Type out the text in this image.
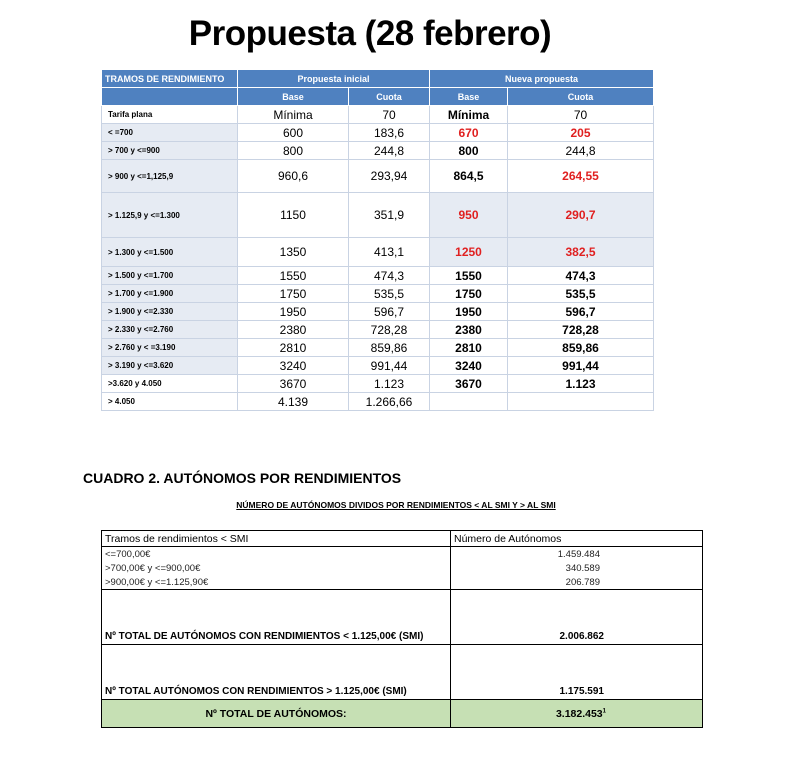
Propuesta (28 febrero)
TRAMOS DE RENDIMIENTO	Propuesta inicial		Nueva propuesta	
	Base	Cuota	Base	Cuota
Tarifa plana	Mínima	70	Mínima	70
< =700	600	183,6	670	205
> 700 y <=900	800	244,8	800	244,8
> 900 y <=1,125,9	960,6	293,94	864,5	264,55
> 1.125,9 y <=1.300	1150	351,9	950	290,7
> 1.300 y <=1.500	1350	413,1	1250	382,5
> 1.500 y <=1.700	1550	474,3	1550	474,3
> 1.700 y <=1.900	1750	535,5	1750	535,5
> 1.900 y <=2.330	1950	596,7	1950	596,7
> 2.330 y <=2.760	2380	728,28	2380	728,28
> 2.760 y < =3.190	2810	859,86	2810	859,86
> 3.190 y <=3.620	3240	991,44	3240	991,44
>3.620 y 4.050	3670	1.123	3670	1.123
> 4.050	4.139	1.266,66		
CUADRO 2. AUTÓNOMOS POR RENDIMIENTOS
NÚMERO DE AUTÓNOMOS DIVIDOS POR RENDIMIENTOS < AL SMI Y > AL SMI
Tramos de rendimientos < SMI	Número de Autónomos
<=700,00€	1.459.484
>700,00€ y <=900,00€	340.589
>900,00€ y <=1.125,90€	206.789
Nº TOTAL DE AUTÓNOMOS CON RENDIMIENTOS < 1.125,00€ (SMI)	2.006.862
Nº TOTAL AUTÓNOMOS CON RENDIMIENTOS > 1.125,00€ (SMI)	1.175.591
Nº TOTAL DE AUTÓNOMOS:	3.182.453$^1$
